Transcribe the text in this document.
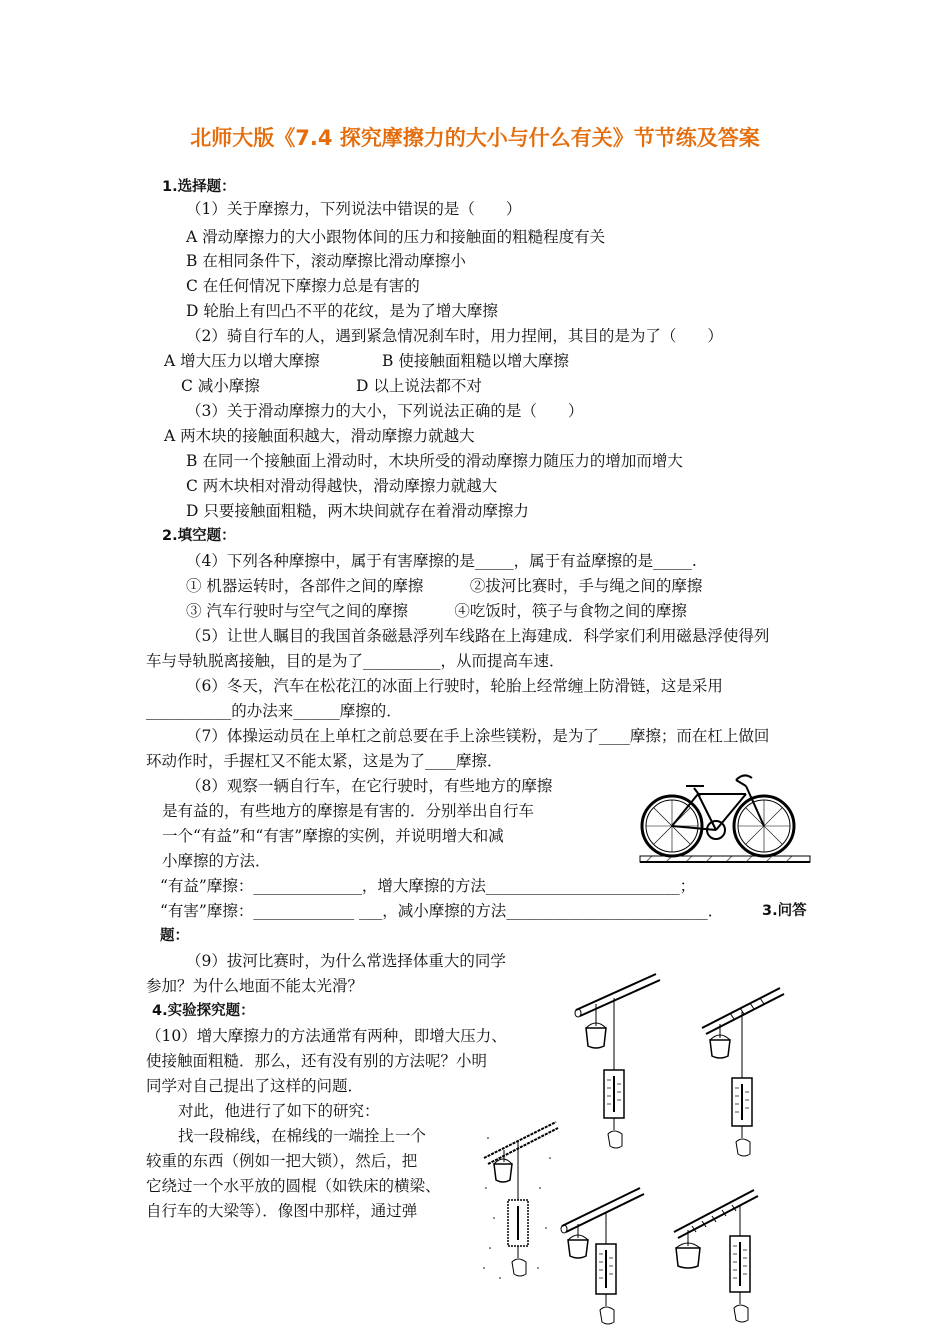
北师大版《7.4 探究摩擦力的大小与什么有关》节节练及答案
1.选择题：
（1）关于摩擦力，下列说法中错误的是（　　）
A 滑动摩擦力的大小跟物体间的压力和接触面的粗糙程度有关
B 在相同条件下，滚动摩擦比滑动摩擦小
C 在任何情况下摩擦力总是有害的
D 轮胎上有凹凸不平的花纹，是为了增大摩擦
（2）骑自行车的人，遇到紧急情况刹车时，用力捏闸，其目的是为了（　　）
A 增大压力以增大摩擦	B 使接触面粗糙以增大摩擦
C 减小摩擦	D 以上说法都不对
（3）关于滑动摩擦力的大小，下列说法正确的是（　　）
A 两木块的接触面积越大，滑动摩擦力就越大
B 在同一个接触面上滑动时，木块所受的滑动摩擦力随压力的增加而增大
C 两木块相对滑动得越快，滑动摩擦力就越大
D 只要接触面粗糙，两木块间就存在着滑动摩擦力
2.填空题：
（4）下列各种摩擦中，属于有害摩擦的是_____，属于有益摩擦的是_____.
① 机器运转时，各部件之间的摩擦　　　②拔河比赛时，手与绳之间的摩擦
③ 汽车行驶时与空气之间的摩擦　　　④吃饭时，筷子与食物之间的摩擦
（5）让世人瞩目的我国首条磁悬浮列车线路在上海建成．科学家们利用磁悬浮使得列
车与导轨脱离接触，目的是为了__________，从而提高车速．
（6）冬天，汽车在松花江的冰面上行驶时，轮胎上经常缠上防滑链，这是采用
___________的办法来______摩擦的．
（7）体操运动员在上单杠之前总要在手上涂些镁粉，是为了____摩擦；而在杠上做回
环动作时，手握杠又不能太紧，这是为了____摩擦．
（8）观察一辆自行车，在它行驶时，有些地方的摩擦
是有益的，有些地方的摩擦是有害的．分别举出自行车
一个“有益”和“有害”摩擦的实例，并说明增大和减
小摩擦的方法．
“有益”摩擦：______________，增大摩擦的方法_________________________；
“有害”摩擦：_____________ ___，减小摩擦的方法__________________________．	3.问答
题：
（9）拔河比赛时，为什么常选择体重大的同学
参加？为什么地面不能太光滑？
4.实验探究题：
（10）增大摩擦力的方法通常有两种，即增大压力、
使接触面粗糙．那么，还有没有别的方法呢？小明
同学对自己提出了这样的问题．
对此，他进行了如下的研究：
找一段棉线，在棉线的一端拴上一个
较重的东西（例如一把大锁），然后，把
它绕过一个水平放的圆棍（如铁床的横梁、
自行车的大梁等）．像图中那样，通过弹
